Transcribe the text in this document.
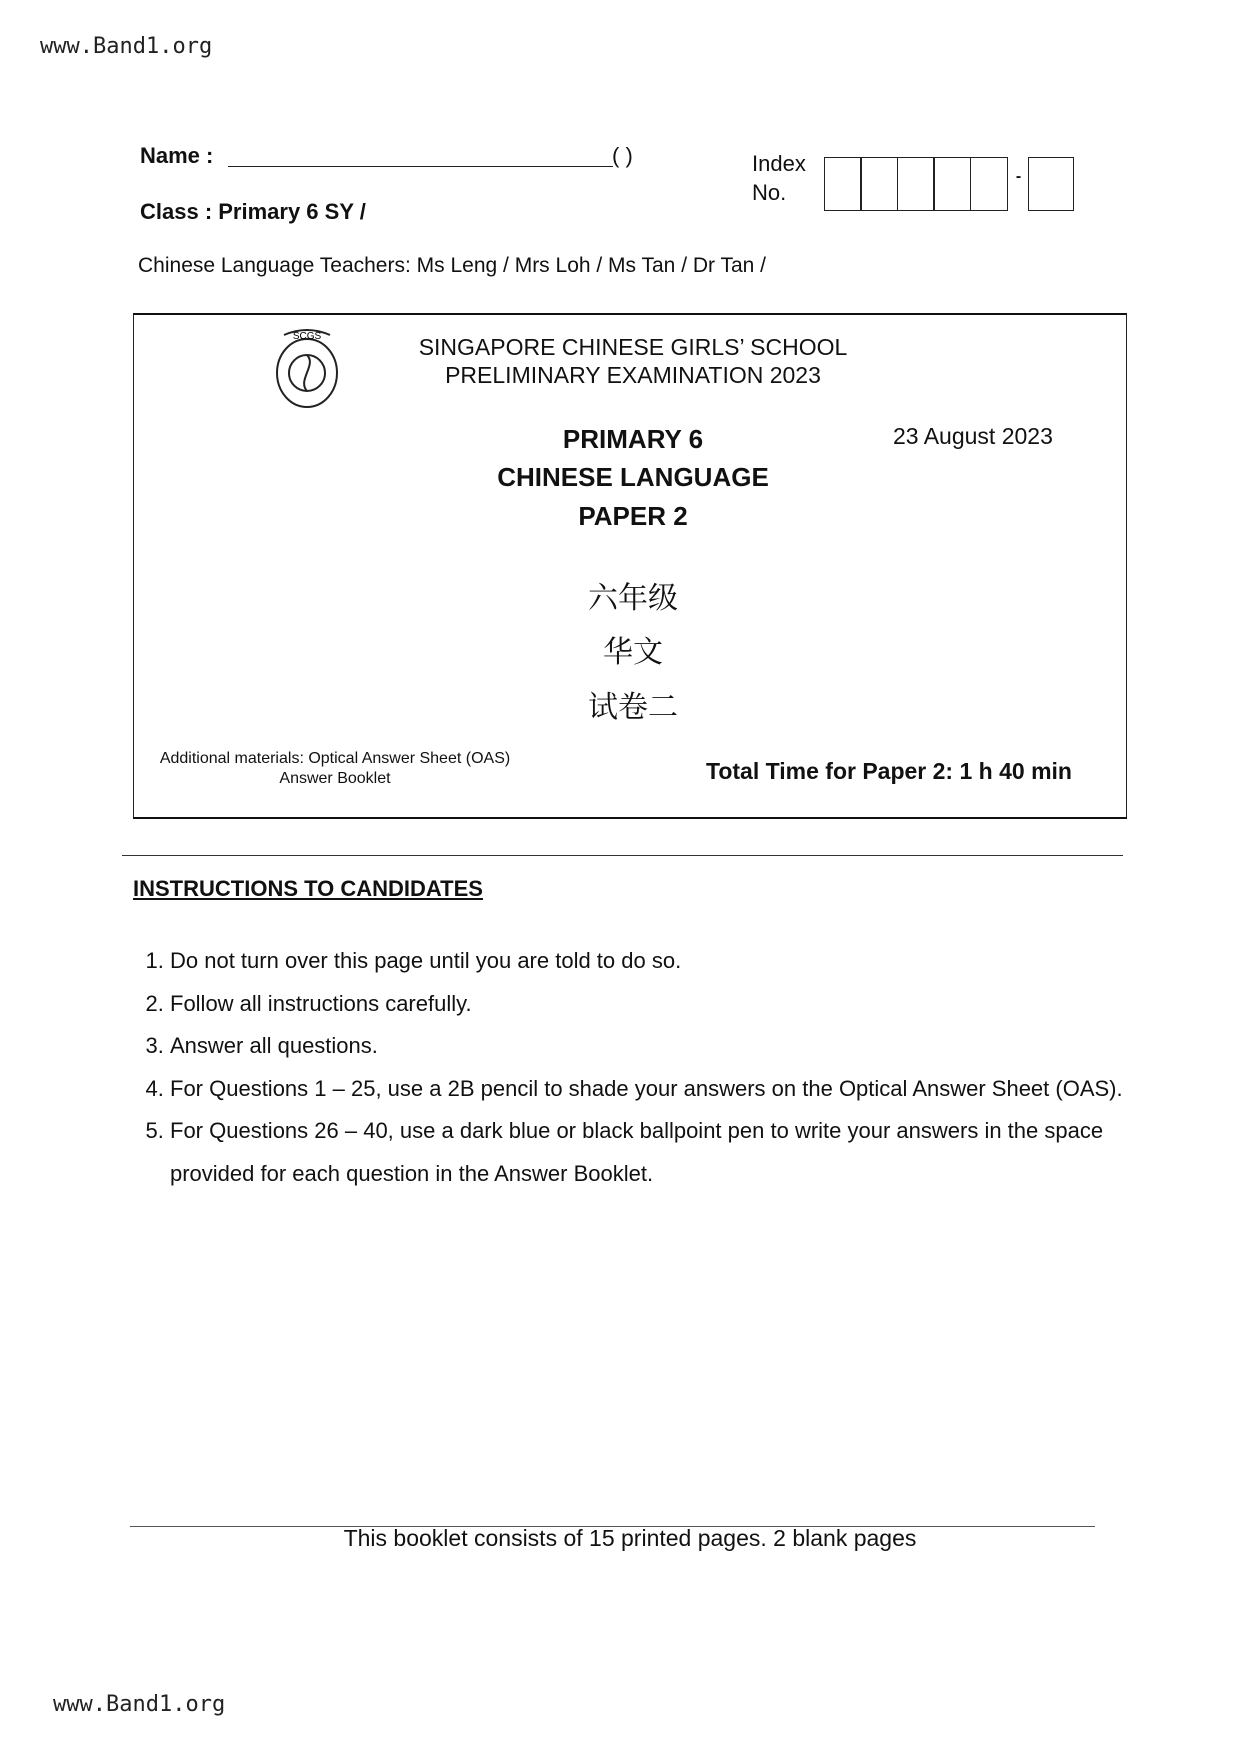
www.Band1.org
Name :	( )	Index
No.
-
Class : Primary 6 SY /
Chinese Language Teachers: Ms Leng / Mrs Loh / Ms Tan / Dr Tan /
SCGS	SINGAPORE CHINESE GIRLS’ SCHOOL
PRELIMINARY EXAMINATION 2023
PRIMARY 6
CHINESE LANGUAGE
PAPER 2
23 August 2023
六年级
华文
试卷二
Additional materials: Optical Answer Sheet (OAS)
Answer Booklet	Total Time for Paper 2: 1 h 40 min
INSTRUCTIONS TO CANDIDATES
1. Do not turn over this page until you are told to do so.
2. Follow all instructions carefully.
3. Answer all questions.
4. For Questions 1 – 25, use a 2B pencil to shade your answers on the Optical Answer Sheet (OAS).
5. For Questions 26 – 40, use a dark blue or black ballpoint pen to write your answers in the space provided for each question in the Answer Booklet.
This booklet consists of 15 printed pages. 2 blank pages
www.Band1.org
